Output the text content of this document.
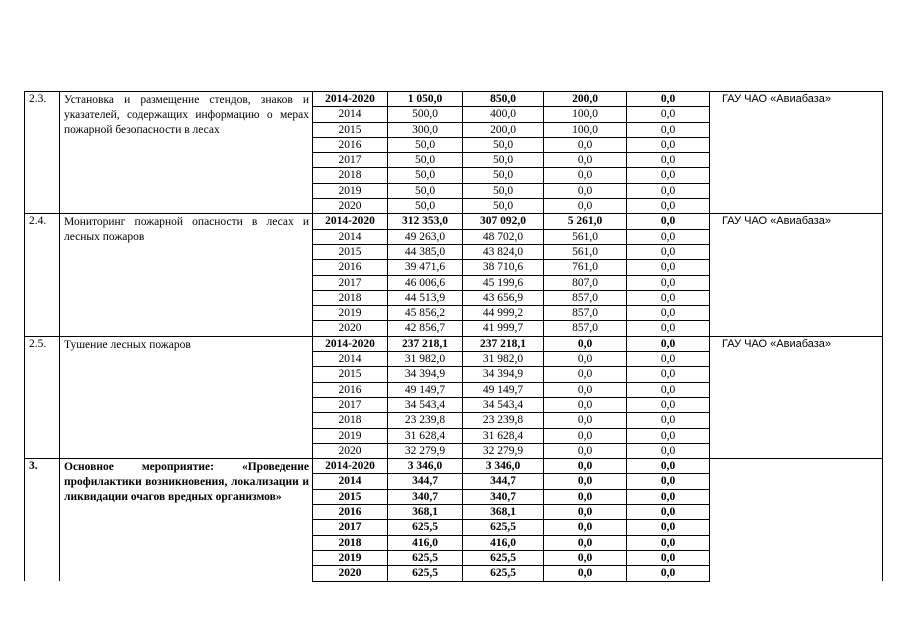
2.3.	Установка и размещение стендов, знаков и указателей, содержащих информацию о мерах пожарной безопасности в лесах	2014-2020	1 050,0	850,0	200,0	0,0	ГАУ ЧАО «Авиабаза»
		2014	500,0	400,0	100,0	0,0	
		2015	300,0	200,0	100,0	0,0	
		2016	50,0	50,0	0,0	0,0	
		2017	50,0	50,0	0,0	0,0	
		2018	50,0	50,0	0,0	0,0	
		2019	50,0	50,0	0,0	0,0	
		2020	50,0	50,0	0,0	0,0	
2.4.	Мониторинг пожарной опасности в лесах и лесных пожаров	2014-2020	312 353,0	307 092,0	5 261,0	0,0	ГАУ ЧАО «Авиабаза»
		2014	49 263,0	48 702,0	561,0	0,0	
		2015	44 385,0	43 824,0	561,0	0,0	
		2016	39 471,6	38 710,6	761,0	0,0	
		2017	46 006,6	45 199,6	807,0	0,0	
		2018	44 513,9	43 656,9	857,0	0,0	
		2019	45 856,2	44 999,2	857,0	0,0	
		2020	42 856,7	41 999,7	857,0	0,0	
2.5.	Тушение лесных пожаров	2014-2020	237 218,1	237 218,1	0,0	0,0	ГАУ ЧАО «Авиабаза»
		2014	31 982,0	31 982,0	0,0	0,0	
		2015	34 394,9	34 394,9	0,0	0,0	
		2016	49 149,7	49 149,7	0,0	0,0	
		2017	34 543,4	34 543,4	0,0	0,0	
		2018	23 239,8	23 239,8	0,0	0,0	
		2019	31 628,4	31 628,4	0,0	0,0	
		2020	32 279,9	32 279,9	0,0	0,0	
3.	Основное мероприятие: «Проведение профилактики возникновения, локализации и ликвидации очагов вредных организмов»	2014-2020	3 346,0	3 346,0	0,0	0,0	
		2014	344,7	344,7	0,0	0,0	
		2015	340,7	340,7	0,0	0,0	
		2016	368,1	368,1	0,0	0,0	
		2017	625,5	625,5	0,0	0,0	
		2018	416,0	416,0	0,0	0,0	
		2019	625,5	625,5	0,0	0,0	
		2020	625,5	625,5	0,0	0,0	
